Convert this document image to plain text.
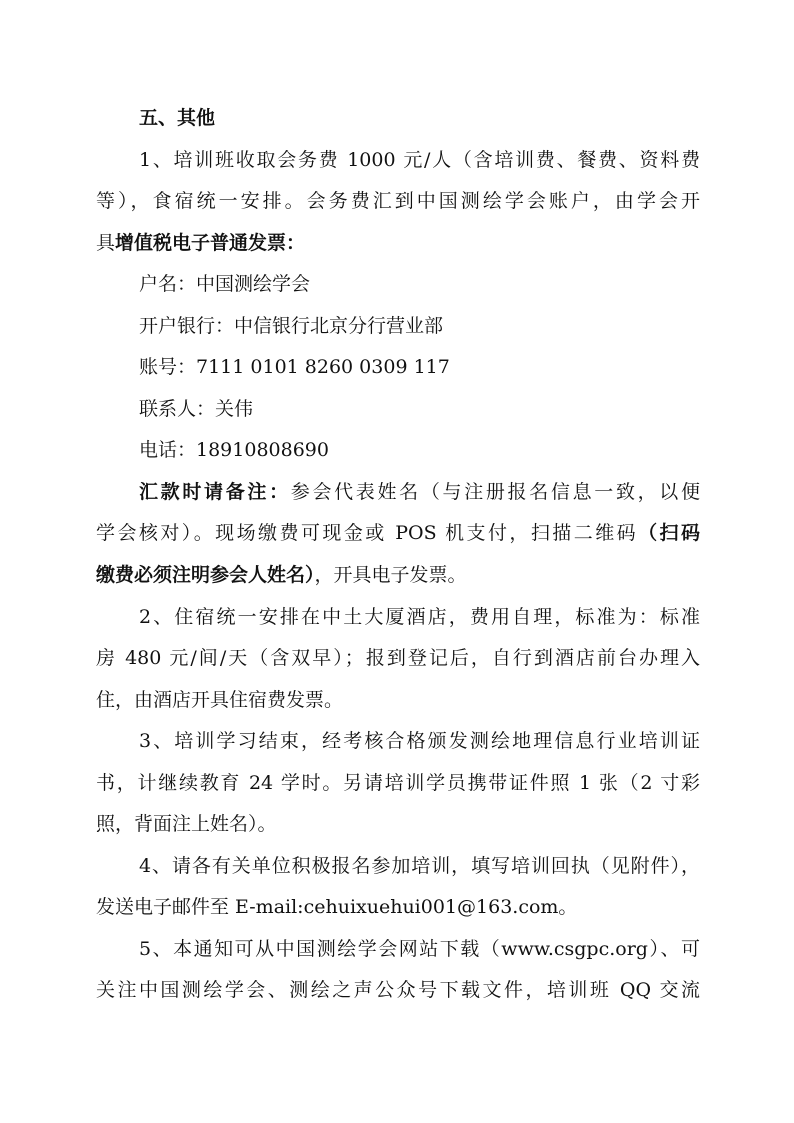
五、其他
1、培训班收取会务费 1000 元/人（含培训费、餐费、资料费
等），食宿统一安排。会务费汇到中国测绘学会账户，由学会开
具增值税电子普通发票：
户名：中国测绘学会
开户银行：中信银行北京分行营业部
账号：7111 0101 8260 0309 117
联系人：关伟
电话：18910808690
汇款时请备注：参会代表姓名（与注册报名信息一致，以便
学会核对）。现场缴费可现金或 POS 机支付，扫描二维码（扫码
缴费必须注明参会人姓名），开具电子发票。
2、住宿统一安排在中土大厦酒店，费用自理，标准为：标准
房 480 元/间/天（含双早）；报到登记后，自行到酒店前台办理入
住，由酒店开具住宿费发票。
3、培训学习结束，经考核合格颁发测绘地理信息行业培训证
书，计继续教育 24 学时。另请培训学员携带证件照 1 张（2 寸彩
照，背面注上姓名）。
4、请各有关单位积极报名参加培训，填写培训回执（见附件），
发送电子邮件至 E-mail:cehuixuehui001@163.com。
5、本通知可从中国测绘学会网站下载（www.csgpc.org）、可
关注中国测绘学会、测绘之声公众号下载文件，培训班 QQ 交流
